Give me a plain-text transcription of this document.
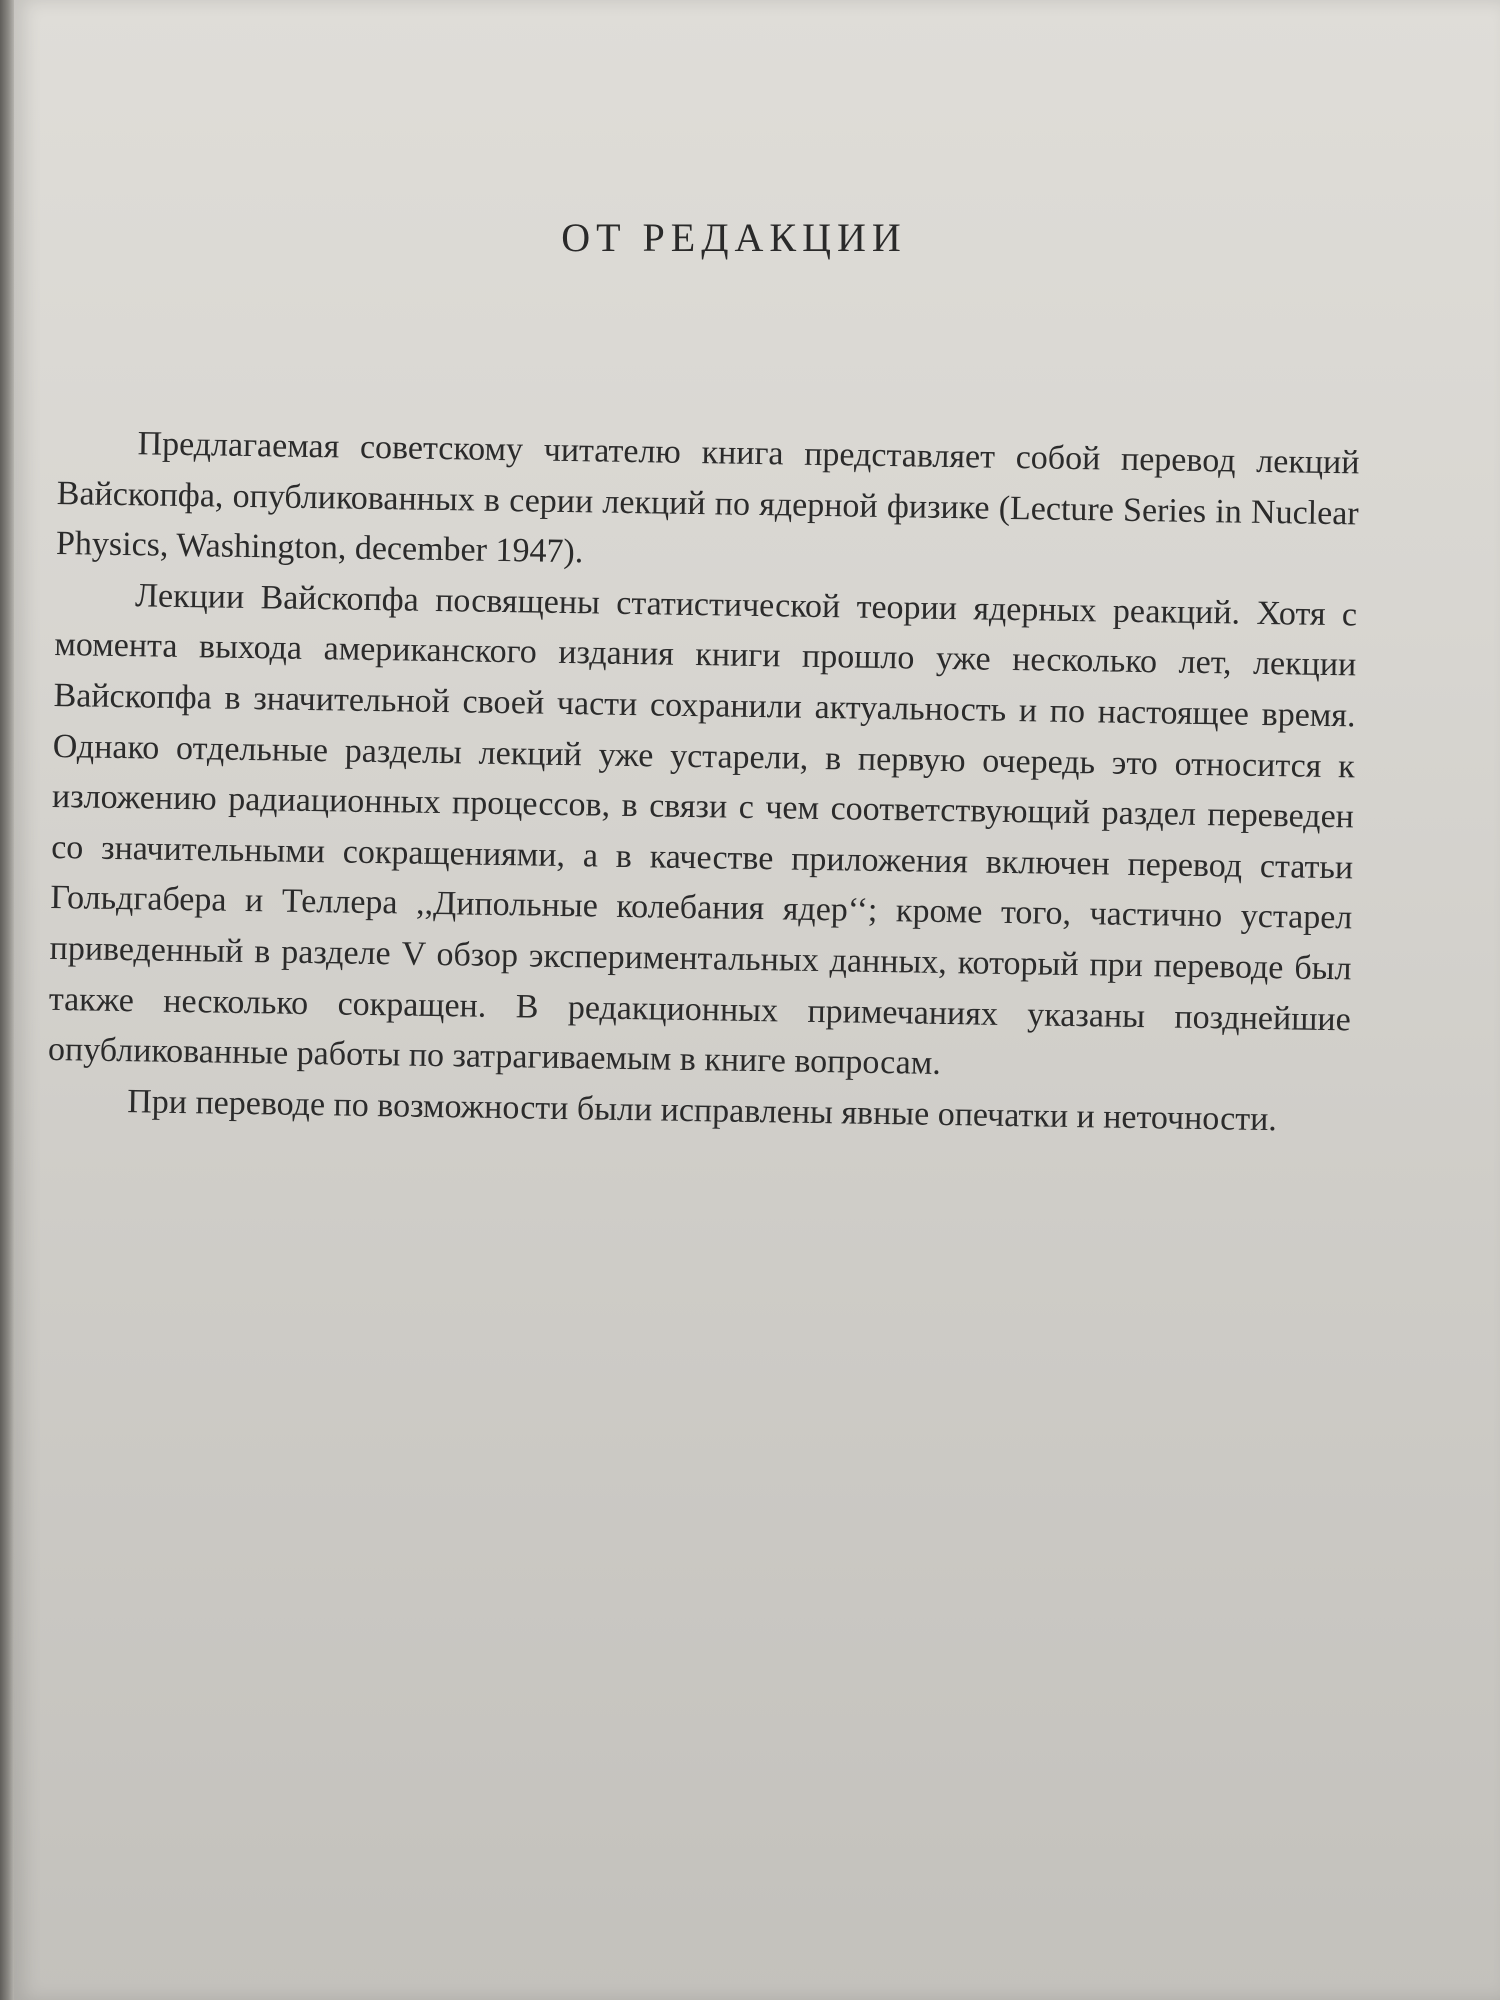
ОТ РЕДАКЦИИ

Предлагаемая советскому читателю книга представляет собой перевод лекций Вайскопфа, опубликованных в серии лекций по ядерной физике (Lecture Series in Nuclear Physics, Washington, december 1947).

Лекции Вайскопфа посвящены статистической теории ядерных реакций. Хотя с момента выхода американского издания книги прошло уже несколько лет, лекции Вайскопфа в значительной своей части сохранили актуальность и по настоящее время. Однако отдельные разделы лекций уже устарели, в первую очередь это относится к изложению радиационных процессов, в связи с чем соответствующий раздел переведен со значительными сокращениями, а в качестве приложения включен перевод статьи Гольдгабера и Теллера ,,Дипольные колебания ядер‘‘; кроме того, частично устарел приведенный в разделе V обзор экспериментальных данных, который при переводе был также несколько сокращен. В редакционных примечаниях указаны позднейшие опубликованные работы по затрагиваемым в книге вопросам.

При переводе по возможности были исправлены явные опечатки и неточности.
